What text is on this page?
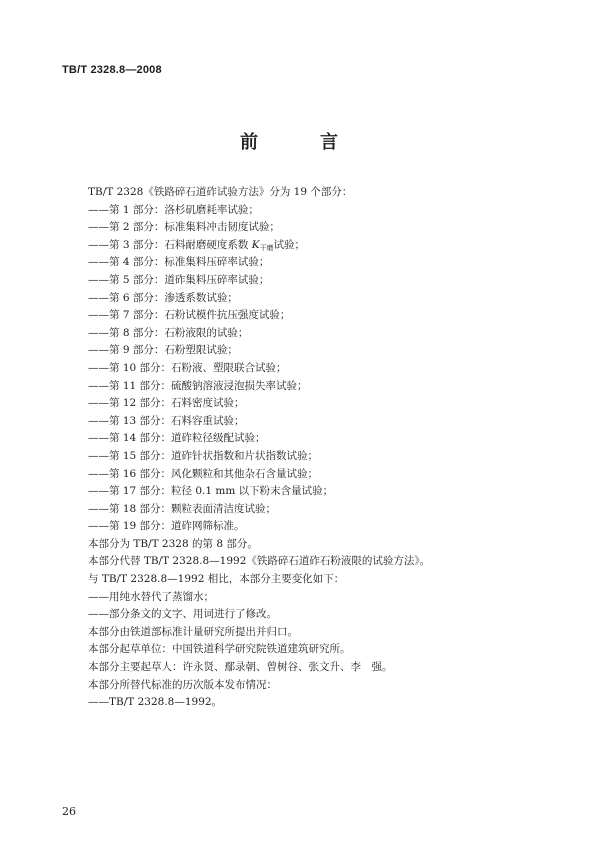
TB/T 2328.8—2008
前　言
TB/T 2328《铁路碎石道砟试验方法》分为 19 个部分：
——第 1 部分：洛杉矶磨耗率试验；
——第 2 部分：标准集料冲击韧度试验；
——第 3 部分：石料耐磨硬度系数 $K_{干磨}$试验；
——第 4 部分：标准集料压碎率试验；
——第 5 部分：道砟集料压碎率试验；
——第 6 部分：渗透系数试验；
——第 7 部分：石粉试模件抗压强度试验；
——第 8 部分：石粉液限的试验；
——第 9 部分：石粉塑限试验；
——第 10 部分：石粉液、塑限联合试验；
——第 11 部分：硫酸钠溶液浸泡损失率试验；
——第 12 部分：石料密度试验；
——第 13 部分：石料容重试验；
——第 14 部分：道砟粒径级配试验；
——第 15 部分：道砟针状指数和片状指数试验；
——第 16 部分：风化颗粒和其他杂石含量试验；
——第 17 部分：粒径 0.1 mm 以下粉末含量试验；
——第 18 部分：颗粒表面清洁度试验；
——第 19 部分：道砟网筛标准。
本部分为 TB/T 2328 的第 8 部分。
本部分代替 TB/T 2328.8—1992《铁路碎石道砟石粉液限的试验方法》。
与 TB/T 2328.8—1992 相比，本部分主要变化如下：
——用纯水替代了蒸馏水；
——部分条文的文字、用词进行了修改。
本部分由铁道部标准计量研究所提出并归口。
本部分起草单位：中国铁道科学研究院铁道建筑研究所。
本部分主要起草人：许永贤、鄢录朝、曾树谷、张文升、李　强。
本部分所替代标准的历次版本发布情况：
——TB/T 2328.8—1992。
26
